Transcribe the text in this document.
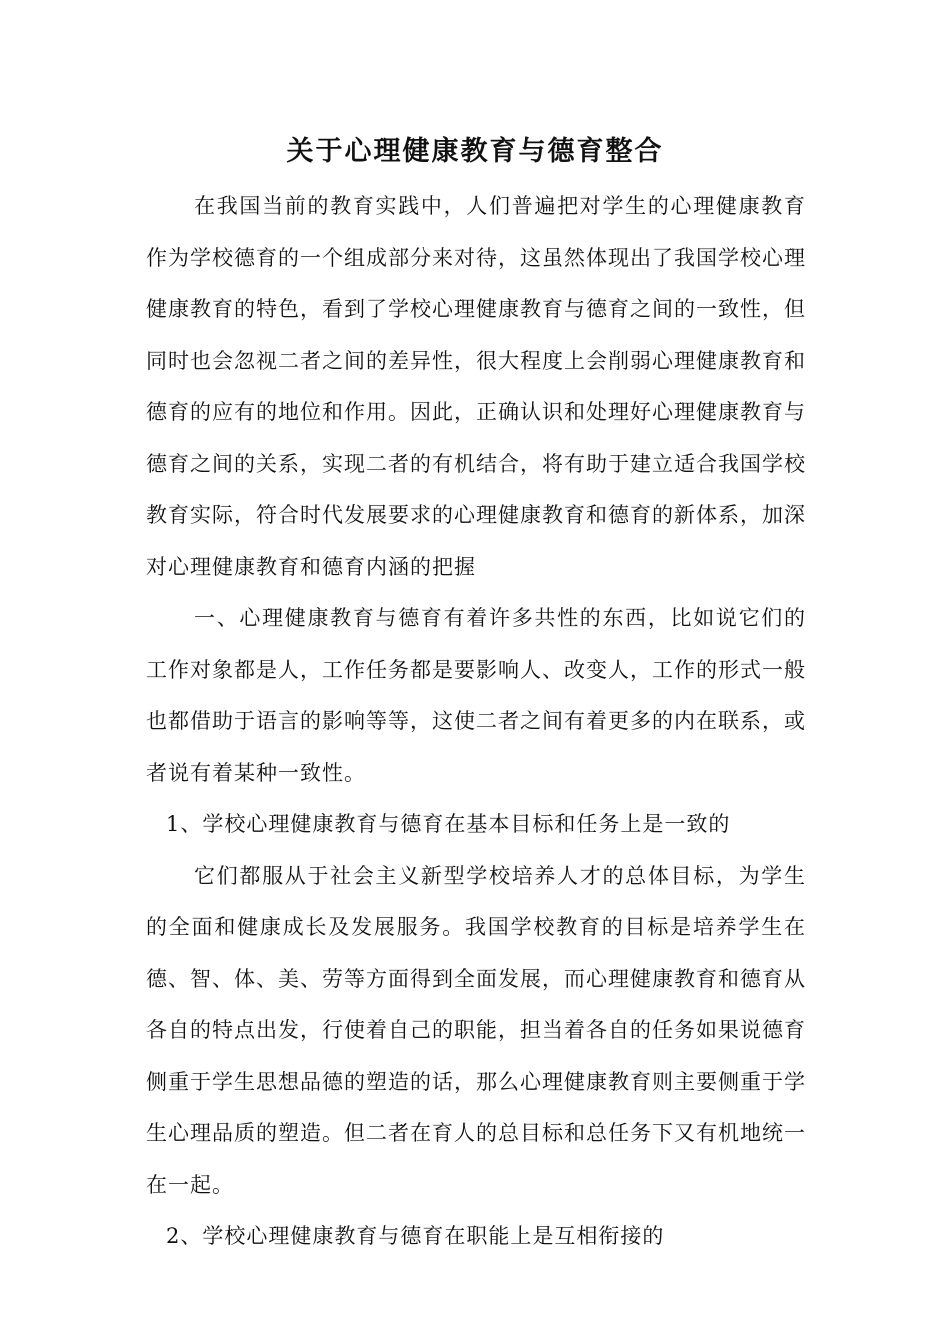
关于心理健康教育与德育整合

在我国当前的教育实践中，人们普遍把对学生的心理健康教育作为学校德育的一个组成部分来对待，这虽然体现出了我国学校心理健康教育的特色，看到了学校心理健康教育与德育之间的一致性，但同时也会忽视二者之间的差异性，很大程度上会削弱心理健康教育和德育的应有的地位和作用。因此，正确认识和处理好心理健康教育与德育之间的关系，实现二者的有机结合，将有助于建立适合我国学校教育实际，符合时代发展要求的心理健康教育和德育的新体系，加深对心理健康教育和德育内涵的把握

一、心理健康教育与德育有着许多共性的东西，比如说它们的工作对象都是人，工作任务都是要影响人、改变人，工作的形式一般也都借助于语言的影响等等，这使二者之间有着更多的内在联系，或者说有着某种一致性。

1、学校心理健康教育与德育在基本目标和任务上是一致的

它们都服从于社会主义新型学校培养人才的总体目标，为学生的全面和健康成长及发展服务。我国学校教育的目标是培养学生在德、智、体、美、劳等方面得到全面发展，而心理健康教育和德育从各自的特点出发，行使着自己的职能，担当着各自的任务如果说德育侧重于学生思想品德的塑造的话，那么心理健康教育则主要侧重于学生心理品质的塑造。但二者在育人的总目标和总任务下又有机地统一在一起。

2、学校心理健康教育与德育在职能上是互相衔接的
